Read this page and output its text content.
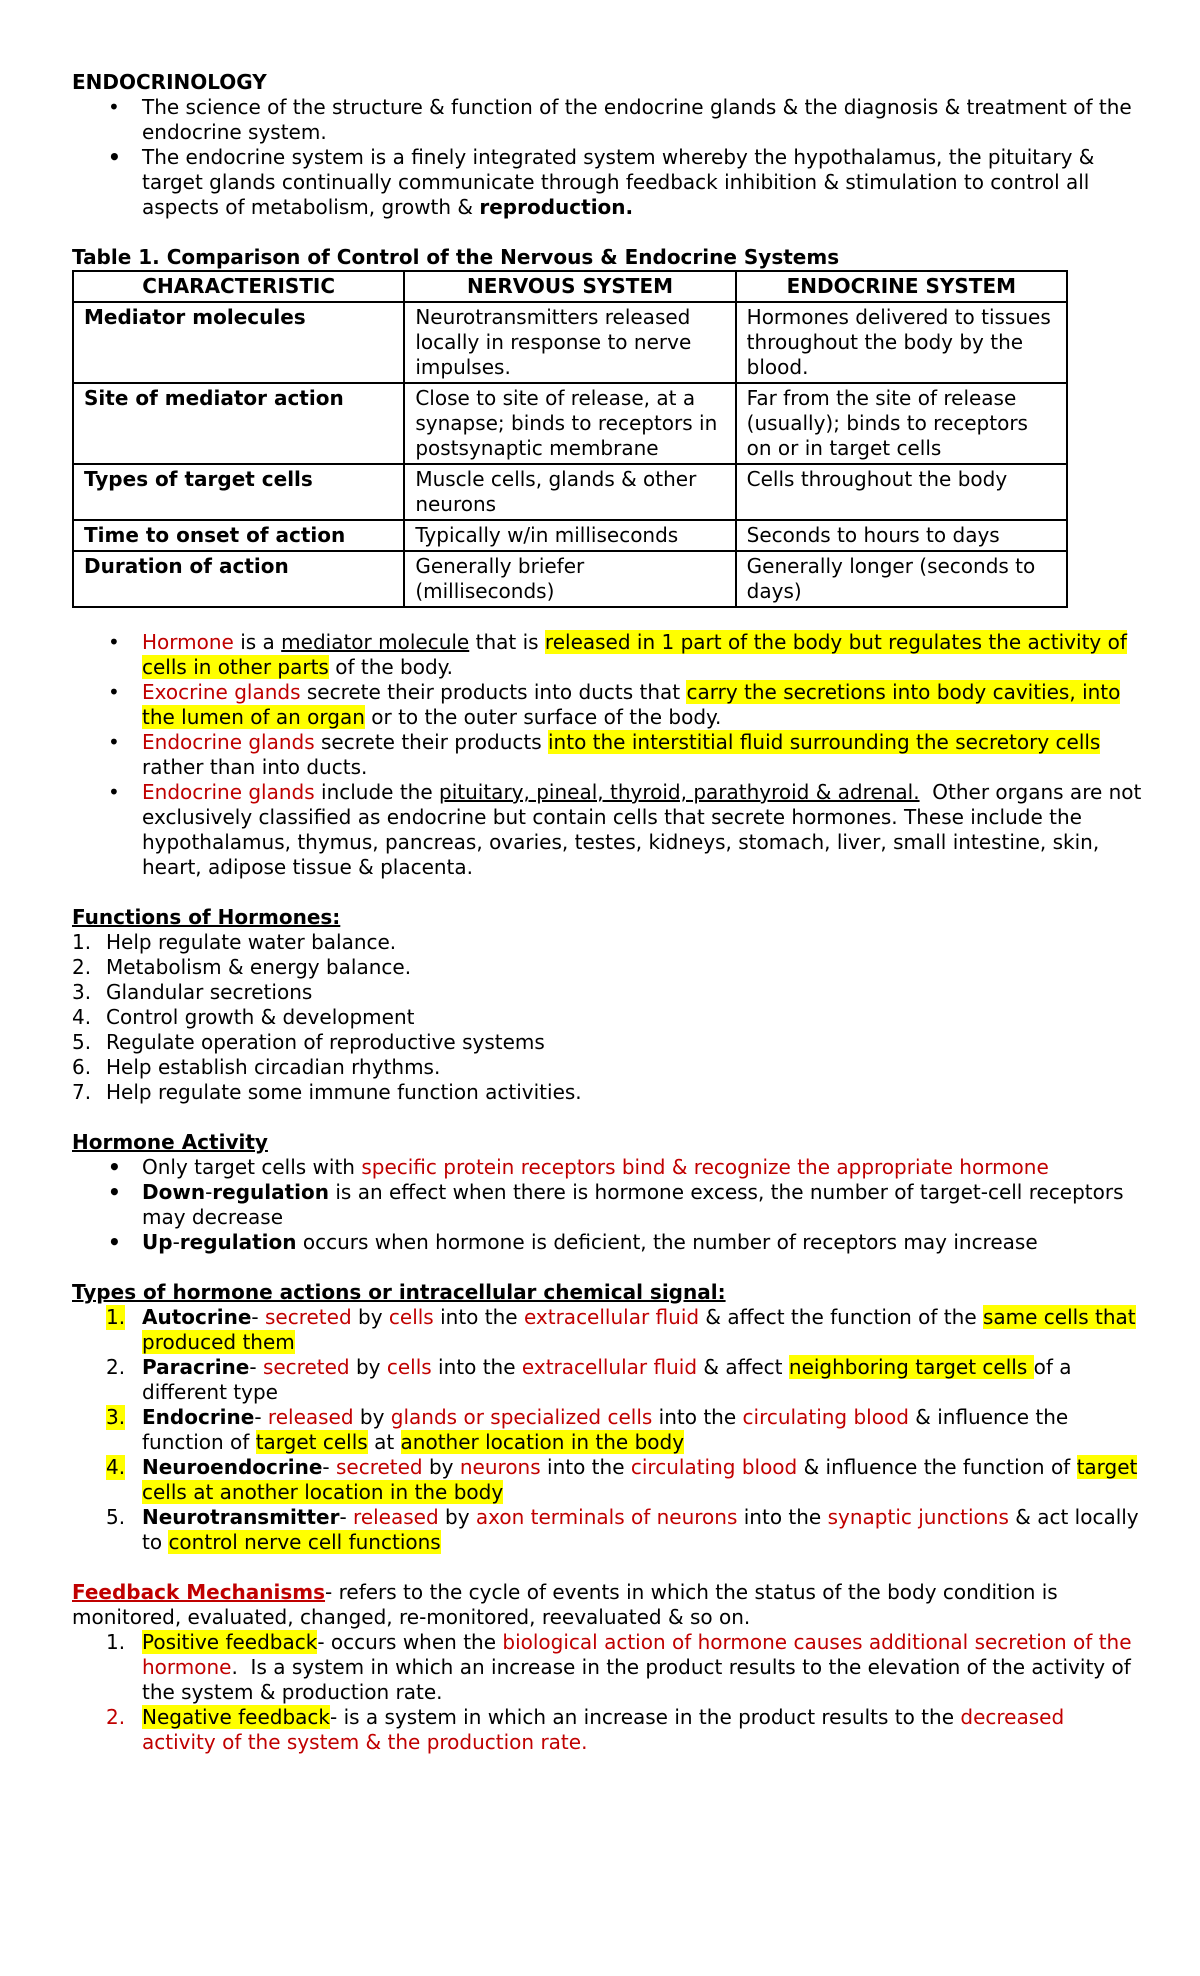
ENDOCRINOLOGY
• The science of the structure & function of the endocrine glands & the diagnosis & treatment of the endocrine system.
• The endocrine system is a finely integrated system whereby the hypothalamus, the pituitary & target glands continually communicate through feedback inhibition & stimulation to control all aspects of metabolism, growth & reproduction.
Table 1. Comparison of Control of the Nervous & Endocrine Systems
CHARACTERISTIC	NERVOUS SYSTEM	ENDOCRINE SYSTEM
Mediator molecules	Neurotransmitters released locally in response to nerve impulses.	Hormones delivered to tissues throughout the body by the blood.
Site of mediator action	Close to site of release, at a synapse; binds to receptors in postsynaptic membrane	Far from the site of release (usually); binds to receptors on or in target cells
Types of target cells	Muscle cells, glands & other neurons	Cells throughout the body
Time to onset of action	Typically w/in milliseconds	Seconds to hours to days
Duration of action	Generally briefer (milliseconds)	Generally longer (seconds to days)
• Hormone is a mediator molecule that is released in 1 part of the body but regulates the activity of cells in other parts of the body.
• Exocrine glands secrete their products into ducts that carry the secretions into body cavities, into the lumen of an organ or to the outer surface of the body.
• Endocrine glands secrete their products into the interstitial fluid surrounding the secretory cells rather than into ducts.
• Endocrine glands include the pituitary, pineal, thyroid, parathyroid & adrenal.  Other organs are not exclusively classified as endocrine but contain cells that secrete hormones. These include the hypothalamus, thymus, pancreas, ovaries, testes, kidneys, stomach, liver, small intestine, skin, heart, adipose tissue & placenta.
Functions of Hormones:
1. Help regulate water balance.
2. Metabolism & energy balance.
3. Glandular secretions
4. Control growth & development
5. Regulate operation of reproductive systems
6. Help establish circadian rhythms.
7. Help regulate some immune function activities.
Hormone Activity
• Only target cells with specific protein receptors bind & recognize the appropriate hormone
• Down-regulation is an effect when there is hormone excess, the number of target-cell receptors may decrease
• Up-regulation occurs when hormone is deficient, the number of receptors may increase
Types of hormone actions or intracellular chemical signal:
1. Autocrine- secreted by cells into the extracellular fluid & affect the function of the same cells that produced them
2. Paracrine- secreted by cells into the extracellular fluid & affect neighboring target cells of a different type
3. Endocrine- released by glands or specialized cells into the circulating blood & influence the function of target cells at another location in the body
4. Neuroendocrine- secreted by neurons into the circulating blood & influence the function of target cells at another location in the body
5. Neurotransmitter- released by axon terminals of neurons into the synaptic junctions & act locally to control nerve cell functions
Feedback Mechanisms- refers to the cycle of events in which the status of the body condition is monitored, evaluated, changed, re-monitored, reevaluated & so on.
1. Positive feedback- occurs when the biological action of hormone causes additional secretion of the hormone.  Is a system in which an increase in the product results to the elevation of the activity of the system & production rate.
2. Negative feedback- is a system in which an increase in the product results to the decreased activity of the system & the production rate.
